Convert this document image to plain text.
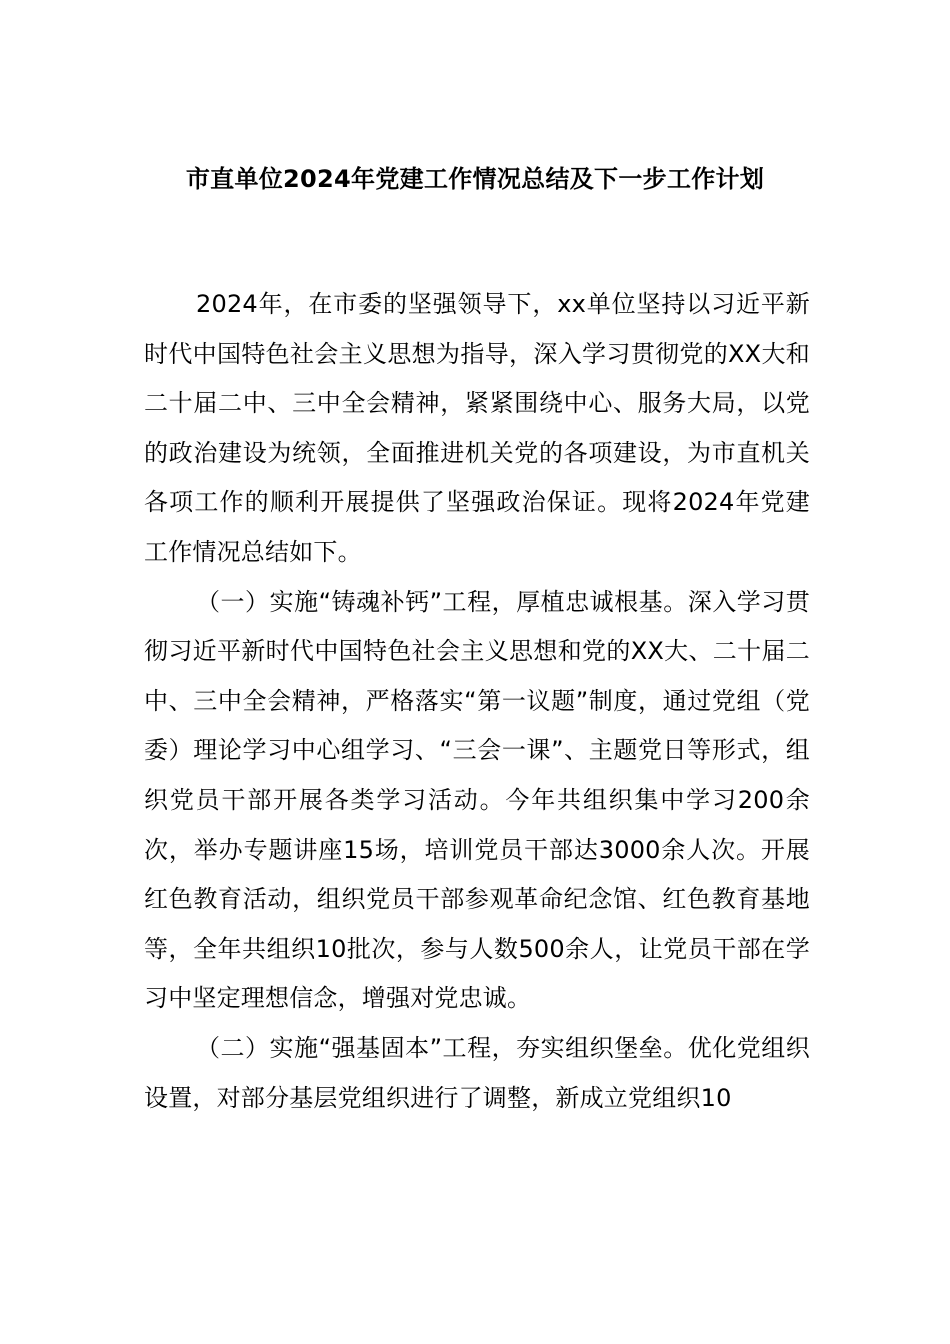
市直单位2024年党建工作情况总结及下一步工作计划

2024年，在市委的坚强领导下，xx单位坚持以习近平新时代中国特色社会主义思想为指导，深入学习贯彻党的XX大和二十届二中、三中全会精神，紧紧围绕中心、服务大局，以党的政治建设为统领，全面推进机关党的各项建设，为市直机关各项工作的顺利开展提供了坚强政治保证。现将2024年党建工作情况总结如下。

（一）实施“铸魂补钙”工程，厚植忠诚根基。深入学习贯彻习近平新时代中国特色社会主义思想和党的XX大、二十届二中、三中全会精神，严格落实“第一议题”制度，通过党组（党委）理论学习中心组学习、“三会一课”、主题党日等形式，组织党员干部开展各类学习活动。今年共组织集中学习200余次，举办专题讲座15场，培训党员干部达3000余人次。开展红色教育活动，组织党员干部参观革命纪念馆、红色教育基地等，全年共组织10批次，参与人数500余人，让党员干部在学习中坚定理想信念，增强对党忠诚。

（二）实施“强基固本”工程，夯实组织堡垒。优化党组织设置，对部分基层党组织进行了调整，新成立党组织10
